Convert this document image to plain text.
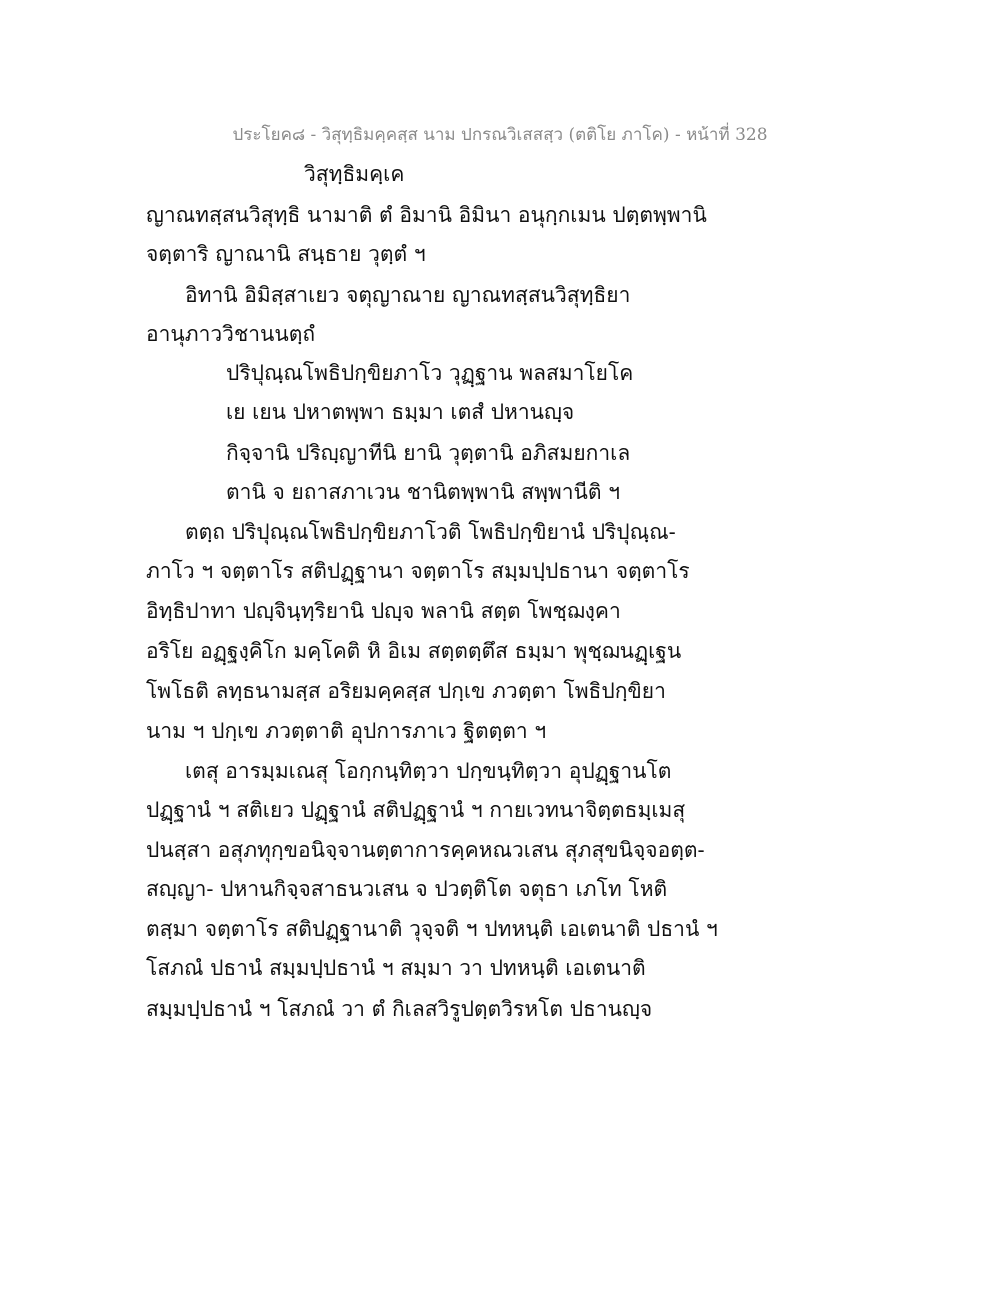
ประโยค๘ - วิสุทฺธิมคฺคสฺส นาม ปกรณวิเสสสฺว (ตติโย ภาโค) - หน้าที่ 328
วิสุทฺธิมคฺเค
ญาณทสฺสนวิสุทฺธิ นามาติ ตํ อิมานิ อิมินา อนุกฺกเมน ปตฺตพฺพานิ
จตฺตาริ ญาณานิ สนฺธาย วุตฺตํ ฯ
อิทานิ อิมิสฺสาเยว จตุญาณาย ญาณทสฺสนวิสุทฺธิยา
อานุภาววิชานนตฺถํ
ปริปุณฺณโพธิปกฺขิยภาโว วุฏฺฐาน พลสมาโยโค
เย เยน ปหาตพฺพา ธมฺมา เตสํ ปหานญฺจ
กิจฺจานิ ปริญฺญาทีนิ ยานิ วุตฺตานิ อภิสมยกาเล
ตานิ จ ยถาสภาเวน ชานิตพฺพานิ สพฺพานีติ ฯ
ตตฺถ ปริปุณฺณโพธิปกฺขิยภาโวติ โพธิปกฺขิยานํ ปริปุณฺณ-
ภาโว ฯ จตฺตาโร สติปฏฺฐานา จตฺตาโร สมฺมปฺปธานา จตฺตาโร
อิทฺธิปาทา ปญฺจินฺทฺริยานิ ปญฺจ พลานิ สตฺต โพชฺฌงฺคา
อริโย อฏฺฐงฺคิโก มคฺโคติ หิ อิเม สตฺตตฺตึส ธมฺมา พุชฺฌนฏฺเฐน
โพโธติ ลทฺธนามสฺส อริยมคฺคสฺส ปกฺเข ภวตฺตา โพธิปกฺขิยา
นาม ฯ ปกฺเข ภวตฺตาติ อุปการภาเว ฐิตตฺตา ฯ
เตสุ อารมฺมเณสุ โอกฺกนฺทิตฺวา ปกฺขนฺทิตฺวา อุปฏฺฐานโต
ปฏฺฐานํ ฯ สติเยว ปฏฺฐานํ สติปฏฺฐานํ ฯ กายเวทนาจิตฺตธมฺเมสุ
ปนสฺสา อสุภทุกฺขอนิจฺจานตฺตาการคฺคหณวเสน สุภสุขนิจฺจอตฺต-
สญฺญา- ปหานกิจฺจสาธนวเสน จ ปวตฺติโต จตุธา เภโท โหติ
ตสฺมา จตฺตาโร สติปฏฺฐานาติ วุจฺจติ ฯ ปทหนฺติ เอเตนาติ ปธานํ ฯ
โสภณํ ปธานํ สมฺมปฺปธานํ ฯ สมฺมา วา ปทหนฺติ เอเตนาติ
สมฺมปฺปธานํ ฯ โสภณํ วา ตํ กิเลสวิรูปตฺตวิรหโต ปธานญฺจ
